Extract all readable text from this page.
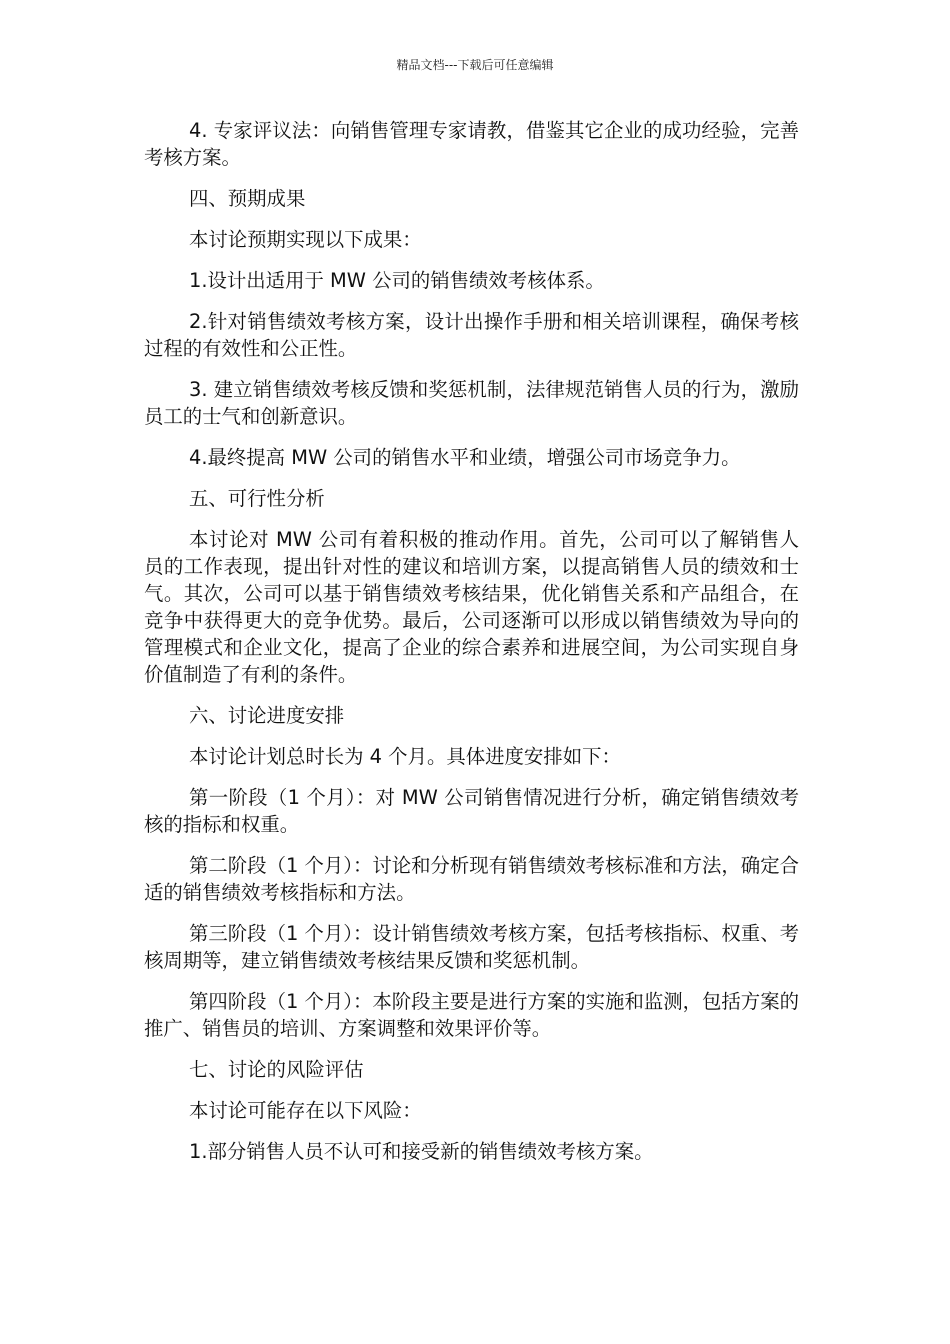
精品文档---下载后可任意编辑

4. 专家评议法：向销售管理专家请教，借鉴其它企业的成功经验，完善考核方案。

四、预期成果

本讨论预期实现以下成果：

1.设计出适用于 MW 公司的销售绩效考核体系。

2.针对销售绩效考核方案，设计出操作手册和相关培训课程，确保考核过程的有效性和公正性。

3. 建立销售绩效考核反馈和奖惩机制，法律规范销售人员的行为，激励员工的士气和创新意识。

4.最终提高 MW 公司的销售水平和业绩，增强公司市场竞争力。

五、可行性分析

本讨论对 MW 公司有着积极的推动作用。首先，公司可以了解销售人员的工作表现，提出针对性的建议和培训方案，以提高销售人员的绩效和士气。其次，公司可以基于销售绩效考核结果，优化销售关系和产品组合，在竞争中获得更大的竞争优势。最后，公司逐渐可以形成以销售绩效为导向的管理模式和企业文化，提高了企业的综合素养和进展空间，为公司实现自身价值制造了有利的条件。

六、讨论进度安排

本讨论计划总时长为 4 个月。具体进度安排如下：

第一阶段（1 个月）：对 MW 公司销售情况进行分析，确定销售绩效考核的指标和权重。

第二阶段（1 个月）：讨论和分析现有销售绩效考核标准和方法，确定合适的销售绩效考核指标和方法。

第三阶段（1 个月）：设计销售绩效考核方案，包括考核指标、权重、考核周期等，建立销售绩效考核结果反馈和奖惩机制。

第四阶段（1 个月）：本阶段主要是进行方案的实施和监测，包括方案的推广、销售员的培训、方案调整和效果评价等。

七、讨论的风险评估

本讨论可能存在以下风险：

1.部分销售人员不认可和接受新的销售绩效考核方案。
